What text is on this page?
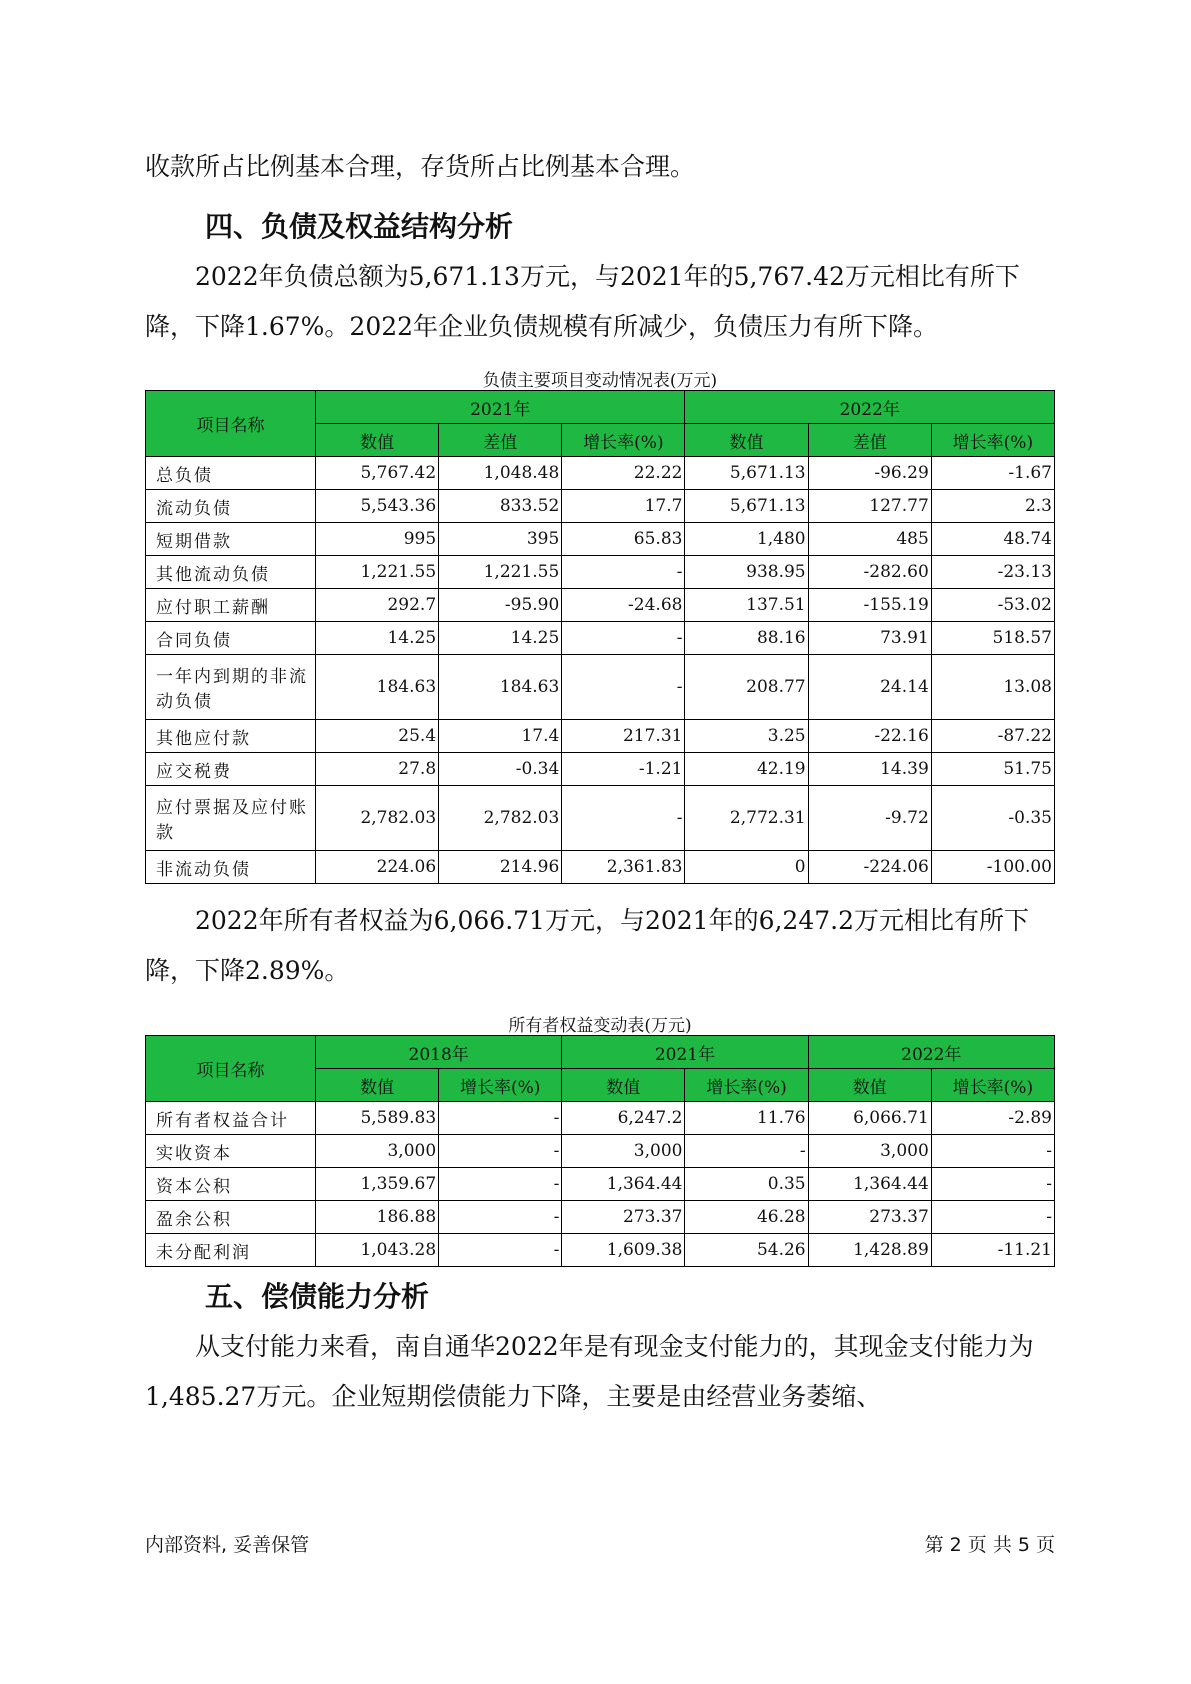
收款所占比例基本合理，存货所占比例基本合理。

四、负债及权益结构分析

2022年负债总额为5,671.13万元，与2021年的5,767.42万元相比有所下降，下降1.67%。2022年企业负债规模有所减少，负债压力有所下降。

负债主要项目变动情况表(万元)

项目名称	2021年			2022年		
	数值	差值	增长率(%)	数值	差值	增长率(%)
总负债	5,767.42	1,048.48	22.22	5,671.13	-96.29	-1.67
流动负债	5,543.36	833.52	17.7	5,671.13	127.77	2.3
短期借款	995	395	65.83	1,480	485	48.74
其他流动负债	1,221.55	1,221.55	-	938.95	-282.60	-23.13
应付职工薪酬	292.7	-95.90	-24.68	137.51	-155.19	-53.02
合同负债	14.25	14.25	-	88.16	73.91	518.57
一年内到期的非流动负债	184.63	184.63	-	208.77	24.14	13.08
其他应付款	25.4	17.4	217.31	3.25	-22.16	-87.22
应交税费	27.8	-0.34	-1.21	42.19	14.39	51.75
应付票据及应付账款	2,782.03	2,782.03	-	2,772.31	-9.72	-0.35
非流动负债	224.06	214.96	2,361.83	0	-224.06	-100.00

2022年所有者权益为6,066.71万元，与2021年的6,247.2万元相比有所下降，下降2.89%。

所有者权益变动表(万元)

项目名称	2018年		2021年		2022年	
	数值	增长率(%)	数值	增长率(%)	数值	增长率(%)
所有者权益合计	5,589.83	-	6,247.2	11.76	6,066.71	-2.89
实收资本	3,000	-	3,000	-	3,000	-
资本公积	1,359.67	-	1,364.44	0.35	1,364.44	-
盈余公积	186.88	-	273.37	46.28	273.37	-
未分配利润	1,043.28	-	1,609.38	54.26	1,428.89	-11.21
五、偿债能力分析

从支付能力来看，南自通华2022年是有现金支付能力的，其现金支付能力为1,485.27万元。企业短期偿债能力下降，主要是由经营业务萎缩、

内部资料, 妥善保管	第 2 页 共 5 页
